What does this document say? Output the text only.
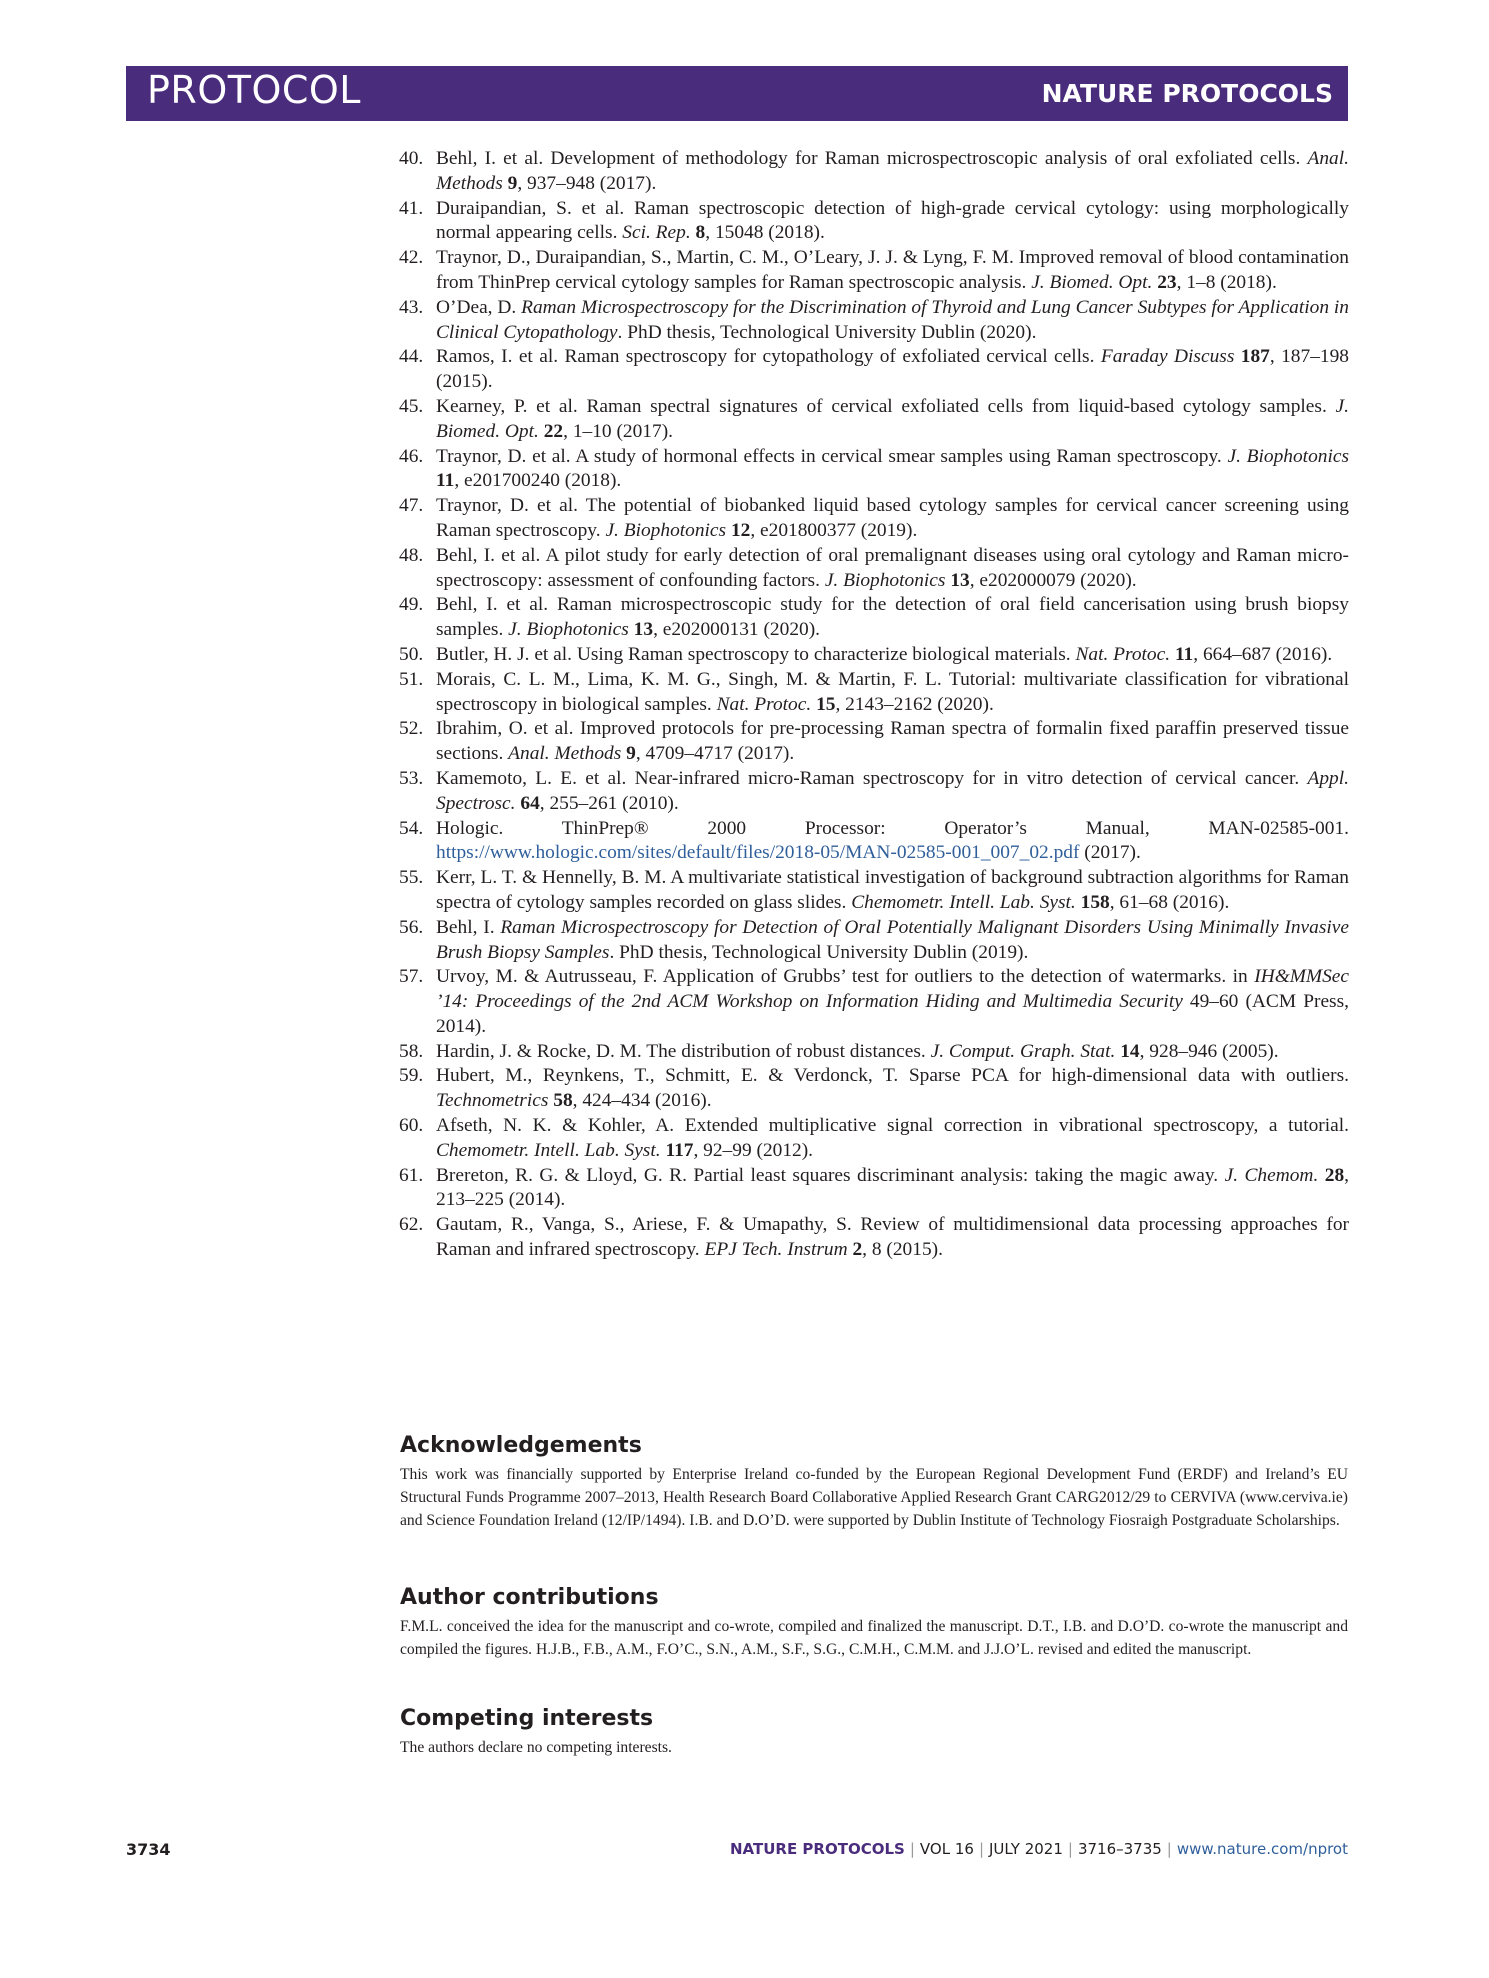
PROTOCOL	NATURE PROTOCOLS
40. Behl, I. et al. Development of methodology for Raman microspectroscopic analysis of oral exfoliated cells. Anal. Methods 9, 937–948 (2017).
41. Duraipandian, S. et al. Raman spectroscopic detection of high-grade cervical cytology: using morphologically normal appearing cells. Sci. Rep. 8, 15048 (2018).
42. Traynor, D., Duraipandian, S., Martin, C. M., O’Leary, J. J. & Lyng, F. M. Improved removal of blood contamination from ThinPrep cervical cytology samples for Raman spectroscopic analysis. J. Biomed. Opt. 23, 1–8 (2018).
43. O’Dea, D. Raman Microspectroscopy for the Discrimination of Thyroid and Lung Cancer Subtypes for Application in Clinical Cytopathology. PhD thesis, Technological University Dublin (2020).
44. Ramos, I. et al. Raman spectroscopy for cytopathology of exfoliated cervical cells. Faraday Discuss 187, 187–198 (2015).
45. Kearney, P. et al. Raman spectral signatures of cervical exfoliated cells from liquid-based cytology samples. J. Biomed. Opt. 22, 1–10 (2017).
46. Traynor, D. et al. A study of hormonal effects in cervical smear samples using Raman spectroscopy. J. Biophotonics 11, e201700240 (2018).
47. Traynor, D. et al. The potential of biobanked liquid based cytology samples for cervical cancer screening using Raman spectroscopy. J. Biophotonics 12, e201800377 (2019).
48. Behl, I. et al. A pilot study for early detection of oral premalignant diseases using oral cytology and Raman micro-spectroscopy: assessment of confounding factors. J. Biophotonics 13, e202000079 (2020).
49. Behl, I. et al. Raman microspectroscopic study for the detection of oral field cancerisation using brush biopsy samples. J. Biophotonics 13, e202000131 (2020).
50. Butler, H. J. et al. Using Raman spectroscopy to characterize biological materials. Nat. Protoc. 11, 664–687 (2016).
51. Morais, C. L. M., Lima, K. M. G., Singh, M. & Martin, F. L. Tutorial: multivariate classification for vibrational spectroscopy in biological samples. Nat. Protoc. 15, 2143–2162 (2020).
52. Ibrahim, O. et al. Improved protocols for pre-processing Raman spectra of formalin fixed paraffin preserved tissue sections. Anal. Methods 9, 4709–4717 (2017).
53. Kamemoto, L. E. et al. Near-infrared micro-Raman spectroscopy for in vitro detection of cervical cancer. Appl. Spectrosc. 64, 255–261 (2010).
54. Hologic. ThinPrep® 2000 Processor: Operator’s Manual, MAN-02585-001. https://www.hologic.com/sites/default/files/2018-05/MAN-02585-001_007_02.pdf (2017).
55. Kerr, L. T. & Hennelly, B. M. A multivariate statistical investigation of background subtraction algorithms for Raman spectra of cytology samples recorded on glass slides. Chemometr. Intell. Lab. Syst. 158, 61–68 (2016).
56. Behl, I. Raman Microspectroscopy for Detection of Oral Potentially Malignant Disorders Using Minimally Invasive Brush Biopsy Samples. PhD thesis, Technological University Dublin (2019).
57. Urvoy, M. & Autrusseau, F. Application of Grubbs’ test for outliers to the detection of watermarks. in IH&MMSec ’14: Proceedings of the 2nd ACM Workshop on Information Hiding and Multimedia Security 49–60 (ACM Press, 2014).
58. Hardin, J. & Rocke, D. M. The distribution of robust distances. J. Comput. Graph. Stat. 14, 928–946 (2005).
59. Hubert, M., Reynkens, T., Schmitt, E. & Verdonck, T. Sparse PCA for high-dimensional data with outliers. Technometrics 58, 424–434 (2016).
60. Afseth, N. K. & Kohler, A. Extended multiplicative signal correction in vibrational spectroscopy, a tutorial. Chemometr. Intell. Lab. Syst. 117, 92–99 (2012).
61. Brereton, R. G. & Lloyd, G. R. Partial least squares discriminant analysis: taking the magic away. J. Chemom. 28, 213–225 (2014).
62. Gautam, R., Vanga, S., Ariese, F. & Umapathy, S. Review of multidimensional data processing approaches for Raman and infrared spectroscopy. EPJ Tech. Instrum 2, 8 (2015).
Acknowledgements

This work was financially supported by Enterprise Ireland co-funded by the European Regional Development Fund (ERDF) and Ireland’s EU Structural Funds Programme 2007–2013, Health Research Board Collaborative Applied Research Grant CARG2012/29 to CERVIVA (www.cerviva.ie) and Science Foundation Ireland (12/IP/1494). I.B. and D.O’D. were supported by Dublin Institute of Technology Fiosraigh Postgraduate Scholarships.

Author contributions

F.M.L. conceived the idea for the manuscript and co-wrote, compiled and finalized the manuscript. D.T., I.B. and D.O’D. co-wrote the manuscript and compiled the figures. H.J.B., F.B., A.M., F.O’C., S.N., A.M., S.F., S.G., C.M.H., C.M.M. and J.J.O’L. revised and edited the manuscript.

Competing interests

The authors declare no competing interests.

3734	NATURE PROTOCOLS | VOL 16 | JULY 2021 | 3716–3735 | www.nature.com/nprot
